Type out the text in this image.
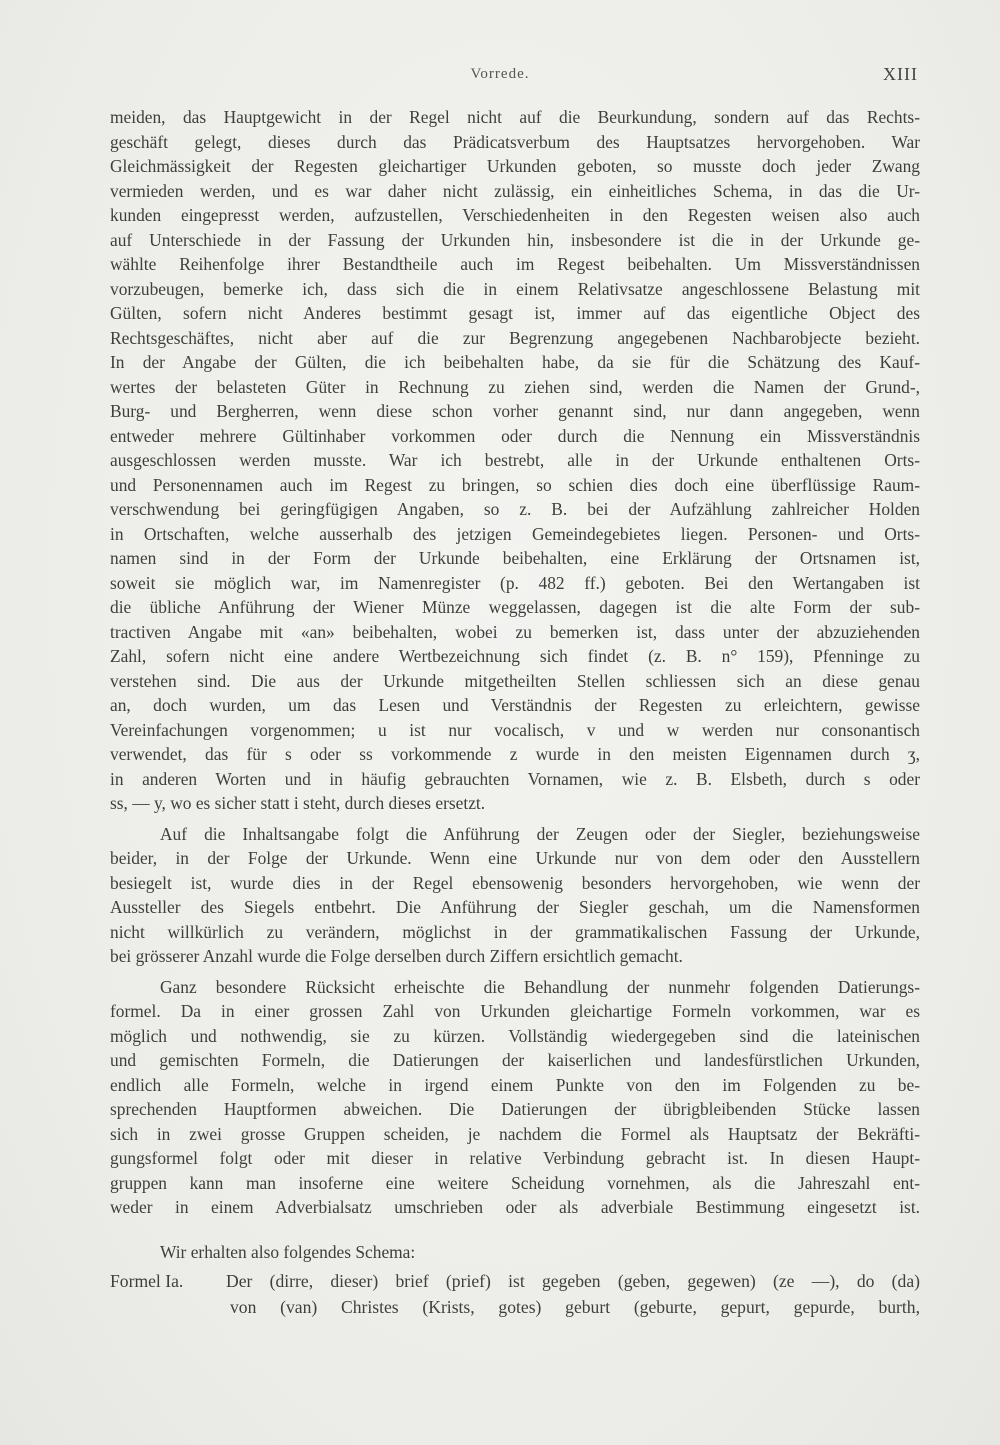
Vorrede.	XIII
meiden, das Hauptgewicht in der Regel nicht auf die Beurkundung, sondern auf das Rechts-
geschäft gelegt, dieses durch das Prädicatsverbum des Hauptsatzes hervorgehoben. War
Gleichmässigkeit der Regesten gleichartiger Urkunden geboten, so musste doch jeder Zwang
vermieden werden, und es war daher nicht zulässig, ein einheitliches Schema, in das die Ur-
kunden eingepresst werden, aufzustellen, Verschiedenheiten in den Regesten weisen also auch
auf Unterschiede in der Fassung der Urkunden hin, insbesondere ist die in der Urkunde ge-
wählte Reihenfolge ihrer Bestandtheile auch im Regest beibehalten. Um Missverständnissen
vorzubeugen, bemerke ich, dass sich die in einem Relativsatze angeschlossene Belastung mit
Gülten, sofern nicht Anderes bestimmt gesagt ist, immer auf das eigentliche Object des
Rechtsgeschäftes, nicht aber auf die zur Begrenzung angegebenen Nachbarobjecte bezieht.
In der Angabe der Gülten, die ich beibehalten habe, da sie für die Schätzung des Kauf-
wertes der belasteten Güter in Rechnung zu ziehen sind, werden die Namen der Grund-,
Burg- und Bergherren, wenn diese schon vorher genannt sind, nur dann angegeben, wenn
entweder mehrere Gültinhaber vorkommen oder durch die Nennung ein Missverständnis
ausgeschlossen werden musste. War ich bestrebt, alle in der Urkunde enthaltenen Orts-
und Personennamen auch im Regest zu bringen, so schien dies doch eine überflüssige Raum-
verschwendung bei geringfügigen Angaben, so z. B. bei der Aufzählung zahlreicher Holden
in Ortschaften, welche ausserhalb des jetzigen Gemeindegebietes liegen. Personen- und Orts-
namen sind in der Form der Urkunde beibehalten, eine Erklärung der Ortsnamen ist,
soweit sie möglich war, im Namenregister (p. 482 ff.) geboten. Bei den Wertangaben ist
die übliche Anführung der Wiener Münze weggelassen, dagegen ist die alte Form der sub-
tractiven Angabe mit «an» beibehalten, wobei zu bemerken ist, dass unter der abzuziehenden
Zahl, sofern nicht eine andere Wertbezeichnung sich findet (z. B. n° 159), Pfenninge zu
verstehen sind. Die aus der Urkunde mitgetheilten Stellen schliessen sich an diese genau
an, doch wurden, um das Lesen und Verständnis der Regesten zu erleichtern, gewisse
Vereinfachungen vorgenommen; u ist nur vocalisch, v und w werden nur consonantisch
verwendet, das für s oder ss vorkommende z wurde in den meisten Eigennamen durch ʒ,
in anderen Worten und in häufig gebrauchten Vornamen, wie z. B. Elsbeth, durch s oder
ss, — y, wo es sicher statt i steht, durch dieses ersetzt.
Auf die Inhaltsangabe folgt die Anführung der Zeugen oder der Siegler, beziehungsweise
beider, in der Folge der Urkunde. Wenn eine Urkunde nur von dem oder den Ausstellern
besiegelt ist, wurde dies in der Regel ebensowenig besonders hervorgehoben, wie wenn der
Aussteller des Siegels entbehrt. Die Anführung der Siegler geschah, um die Namensformen
nicht willkürlich zu verändern, möglichst in der grammatikalischen Fassung der Urkunde,
bei grösserer Anzahl wurde die Folge derselben durch Ziffern ersichtlich gemacht.
Ganz besondere Rücksicht erheischte die Behandlung der nunmehr folgenden Datierungs-
formel. Da in einer grossen Zahl von Urkunden gleichartige Formeln vorkommen, war es
möglich und nothwendig, sie zu kürzen. Vollständig wiedergegeben sind die lateinischen
und gemischten Formeln, die Datierungen der kaiserlichen und landesfürstlichen Urkunden,
endlich alle Formeln, welche in irgend einem Punkte von den im Folgenden zu be-
sprechenden Hauptformen abweichen. Die Datierungen der übrigbleibenden Stücke lassen
sich in zwei grosse Gruppen scheiden, je nachdem die Formel als Hauptsatz der Bekräfti-
gungsformel folgt oder mit dieser in relative Verbindung gebracht ist. In diesen Haupt-
gruppen kann man insoferne eine weitere Scheidung vornehmen, als die Jahreszahl ent-
weder in einem Adverbialsatz umschrieben oder als adverbiale Bestimmung eingesetzt ist.
Wir erhalten also folgendes Schema:
Formel Ia. Der (dirre, dieser) brief (prief) ist gegeben (geben, gegewen) (ze —), do (da)
von (van) Christes (Krists, gotes) geburt (geburte, gepurt, gepurde, burth,
